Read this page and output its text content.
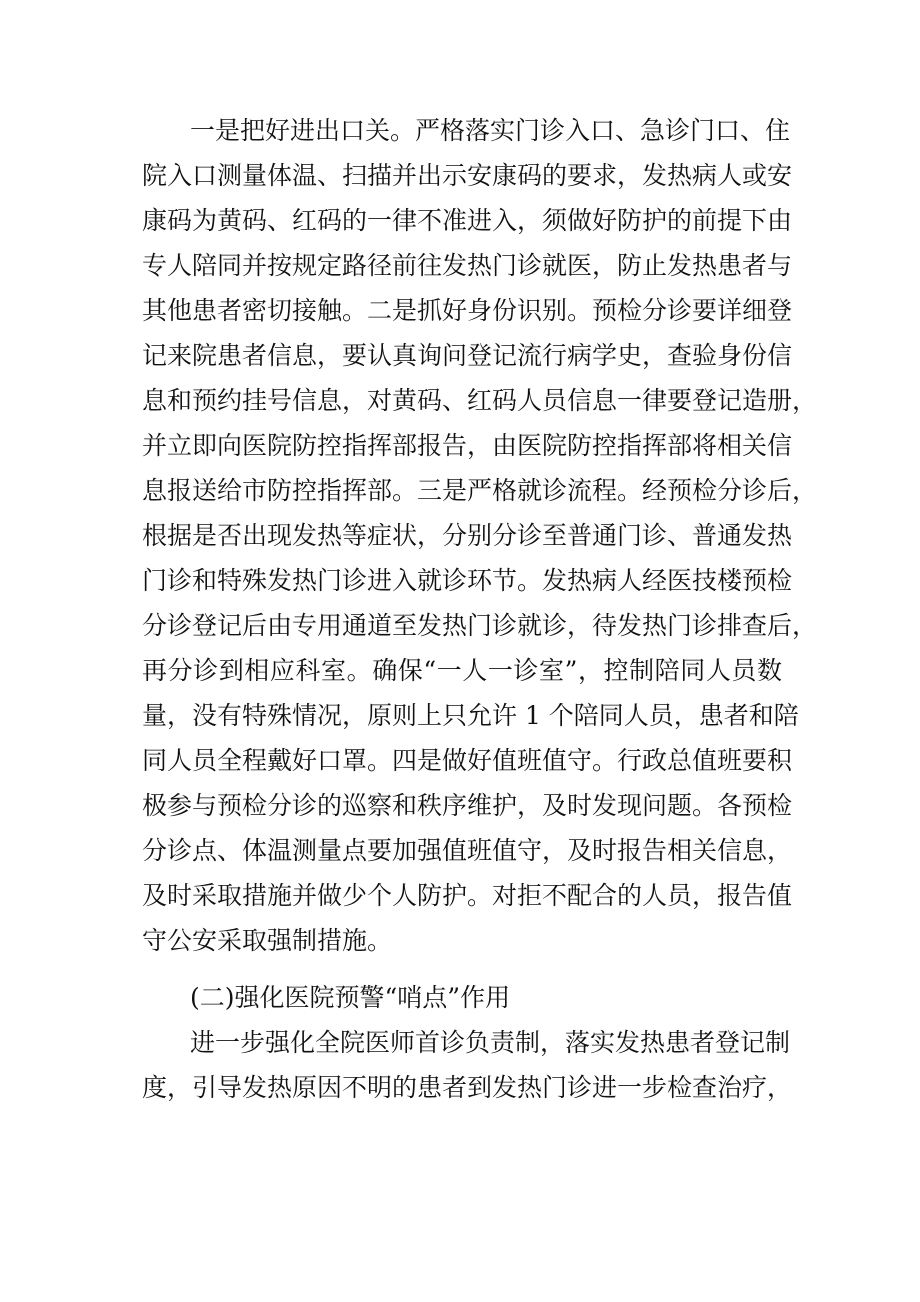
一是把好进出口关。严格落实门诊入口、急诊门口、住
院入口测量体温、扫描并出示安康码的要求，发热病人或安
康码为黄码、红码的一律不准进入，须做好防护的前提下由
专人陪同并按规定路径前往发热门诊就医，防止发热患者与
其他患者密切接触。二是抓好身份识别。预检分诊要详细登
记来院患者信息，要认真询问登记流行病学史，查验身份信
息和预约挂号信息，对黄码、红码人员信息一律要登记造册，
并立即向医院防控指挥部报告，由医院防控指挥部将相关信
息报送给市防控指挥部。三是严格就诊流程。经预检分诊后，
根据是否出现发热等症状，分别分诊至普通门诊、普通发热
门诊和特殊发热门诊进入就诊环节。发热病人经医技楼预检
分诊登记后由专用通道至发热门诊就诊，待发热门诊排查后，
再分诊到相应科室。确保“一人一诊室”，控制陪同人员数
量，没有特殊情况，原则上只允许 1 个陪同人员，患者和陪
同人员全程戴好口罩。四是做好值班值守。行政总值班要积
极参与预检分诊的巡察和秩序维护，及时发现问题。各预检
分诊点、体温测量点要加强值班值守，及时报告相关信息，
及时采取措施并做少个人防护。对拒不配合的人员，报告值
守公安采取强制措施。
(二)强化医院预警“哨点”作用
进一步强化全院医师首诊负责制，落实发热患者登记制
度，引导发热原因不明的患者到发热门诊进一步检查治疗，
